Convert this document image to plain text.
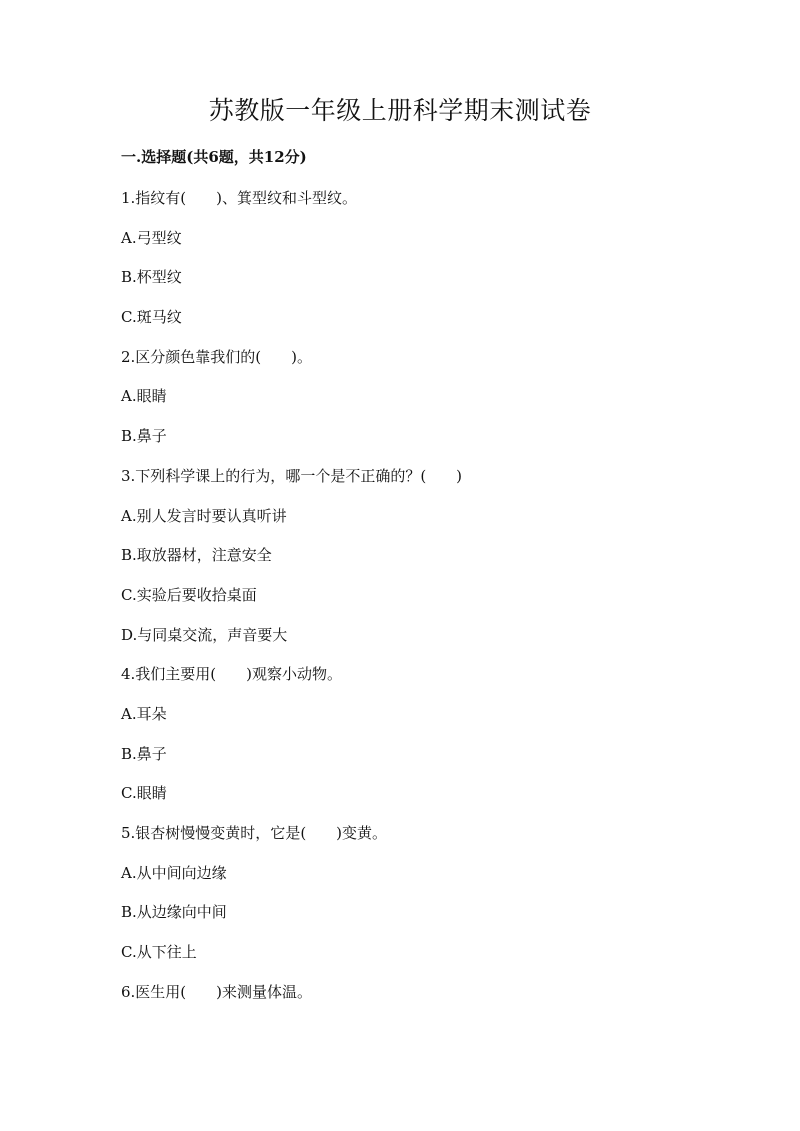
苏教版一年级上册科学期末测试卷
一.选择题(共6题，共12分)
1.指纹有(　　)、箕型纹和斗型纹。
A.弓型纹
B.杯型纹
C.斑马纹
2.区分颜色靠我们的(　　)。
A.眼睛
B.鼻子
3.下列科学课上的行为，哪一个是不正确的？(　　)
A.别人发言时要认真听讲
B.取放器材，注意安全
C.实验后要收拾桌面
D.与同桌交流，声音要大
4.我们主要用(　　)观察小动物。
A.耳朵
B.鼻子
C.眼睛
5.银杏树慢慢变黄时，它是(　　)变黄。
A.从中间向边缘
B.从边缘向中间
C.从下往上
6.医生用(　　)来测量体温。
